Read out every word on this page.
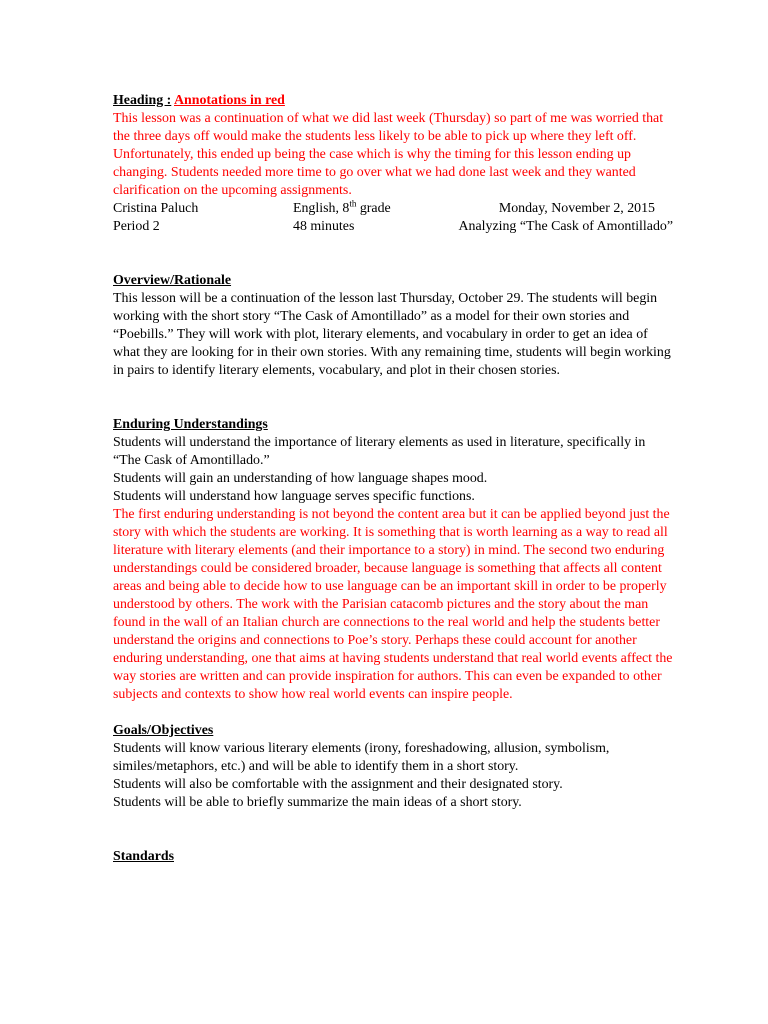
Heading : Annotations in red

This lesson was a continuation of what we did last week (Thursday) so part of me was worried that the three days off would make the students less likely to be able to pick up where they left off. Unfortunately, this ended up being the case which is why the timing for this lesson ending up changing. Students needed more time to go over what we had done last week and they wanted clarification on the upcoming assignments.

Cristina Paluch	English, 8th grade	Monday, November 2, 2015
Period 2	48 minutes	Analyzing “The Cask of Amontillado”

Overview/Rationale

This lesson will be a continuation of the lesson last Thursday, October 29. The students will begin working with the short story “The Cask of Amontillado” as a model for their own stories and “Poebills.” They will work with plot, literary elements, and vocabulary in order to get an idea of what they are looking for in their own stories. With any remaining time, students will begin working in pairs to identify literary elements, vocabulary, and plot in their chosen stories.

Enduring Understandings

Students will understand the importance of literary elements as used in literature, specifically in “The Cask of Amontillado.”

Students will gain an understanding of how language shapes mood.

Students will understand how language serves specific functions.

The first enduring understanding is not beyond the content area but it can be applied beyond just the story with which the students are working. It is something that is worth learning as a way to read all literature with literary elements (and their importance to a story) in mind. The second two enduring understandings could be considered broader, because language is something that affects all content areas and being able to decide how to use language can be an important skill in order to be properly understood by others. The work with the Parisian catacomb pictures and the story about the man found in the wall of an Italian church are connections to the real world and help the students better understand the origins and connections to Poe’s story. Perhaps these could account for another enduring understanding, one that aims at having students understand that real world events affect the way stories are written and can provide inspiration for authors. This can even be expanded to other subjects and contexts to show how real world events can inspire people.

Goals/Objectives

Students will know various literary elements (irony, foreshadowing, allusion, symbolism, similes/metaphors, etc.) and will be able to identify them in a short story.

Students will also be comfortable with the assignment and their designated story.

Students will be able to briefly summarize the main ideas of a short story.

Standards
